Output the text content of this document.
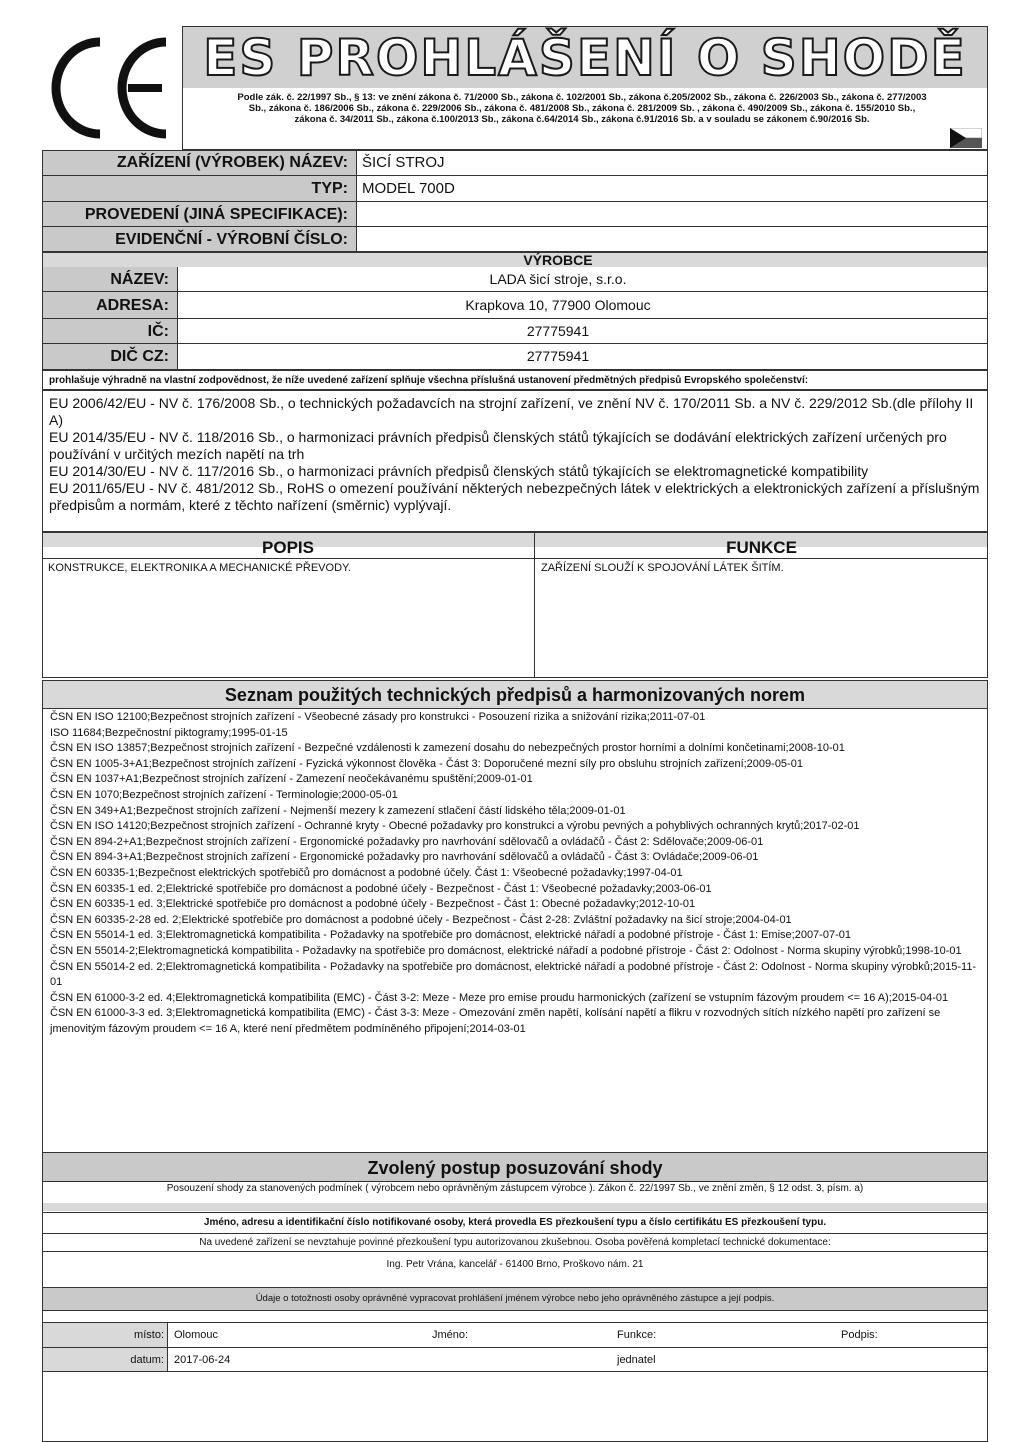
ES PROHLÁŠENÍ O SHODĚ
Podle zák. č. 22/1997 Sb., § 13: ve znění zákona č. 71/2000 Sb., zákona č. 102/2001 Sb., zákona č.205/2002 Sb., zákona č. 226/2003 Sb., zákona č. 277/2003 Sb., zákona č. 186/2006 Sb., zákona č. 229/2006 Sb., zákona č. 481/2008 Sb., zákona č. 281/2009 Sb. , zákona č. 490/2009 Sb., zákona č. 155/2010 Sb., zákona č. 34/2011 Sb., zákona č.100/2013 Sb., zákona č.64/2014 Sb., zákona č.91/2016 Sb. a v souladu se zákonem č.90/2016 Sb.
ZAŘÍZENÍ (VÝROBEK) NÁZEV: ŠICÍ STROJ
TYP: MODEL 700D
PROVEDENÍ (JINÁ SPECIFIKACE):
EVIDENČNÍ - VÝROBNÍ ČÍSLO:
VÝROBCE
NÁZEV:	LADA šicí stroje, s.r.o.
ADRESA:	Krapkova 10, 77900 Olomouc
IČ:	27775941
DIČ CZ:	27775941
prohlašuje výhradně na vlastní zodpovědnost, že níže uvedené zařízení splňuje všechna příslušná ustanovení předmětných předpisů Evropského společenství:

EU 2006/42/EU - NV č. 176/2008 Sb., o technických požadavcích na strojní zařízení, ve znění NV č. 170/2011 Sb. a NV č. 229/2012 Sb.(dle přílohy II A)

EU 2014/35/EU - NV č. 118/2016 Sb., o harmonizaci právních předpisů členských států týkajících se dodávání elektrických zařízení určených pro používání v určitých mezích napětí na trh

EU 2014/30/EU - NV č. 117/2016 Sb., o harmonizaci právních předpisů členských států týkajících se elektromagnetické kompatibility

EU 2011/65/EU - NV č. 481/2012 Sb., RoHS o omezení používání některých nebezpečných látek v elektrických a elektronických zařízení a příslušným předpisům a normám, které z těchto nařízení (směrnic) vyplývají.

POPIS	FUNKCE
KONSTRUKCE, ELEKTRONIKA A MECHANICKÉ PŘEVODY.	ZAŘÍZENÍ SLOUŽÍ K SPOJOVÁNÍ LÁTEK ŠITÍM.
Seznam použitých technických předpisů a harmonizovaných norem

ČSN EN ISO 12100;Bezpečnost strojních zařízení - Všeobecné zásady pro konstrukci - Posouzení rizika a snižování rizika;2011-07-01

ISO 11684;Bezpečnostní piktogramy;1995-01-15

ČSN EN ISO 13857;Bezpečnost strojních zařízení - Bezpečné vzdálenosti k zamezení dosahu do nebezpečných prostor horními a dolními končetinami;2008-10-01

ČSN EN 1005-3+A1;Bezpečnost strojních zařízení - Fyzická výkonnost člověka - Část 3: Doporučené mezní síly pro obsluhu strojních zařízení;2009-05-01

ČSN EN 1037+A1;Bezpečnost strojních zařízení - Zamezení neočekávanému spuštění;2009-01-01

ČSN EN 1070;Bezpečnost strojních zařízení - Terminologie;2000-05-01

ČSN EN 349+A1;Bezpečnost strojních zařízení - Nejmenší mezery k zamezení stlačení částí lidského těla;2009-01-01

ČSN EN ISO 14120;Bezpečnost strojních zařízení - Ochranné kryty - Obecné požadavky pro konstrukci a výrobu pevných a pohyblivých ochranných krytů;2017-02-01

ČSN EN 894-2+A1;Bezpečnost strojních zařízení - Ergonomické požadavky pro navrhování sdělovačů a ovládačů - Část 2: Sdělovače;2009-06-01

ČSN EN 894-3+A1;Bezpečnost strojních zařízení - Ergonomické požadavky pro navrhování sdělovačů a ovládačů - Část 3: Ovládače;2009-06-01

ČSN EN 60335-1;Bezpečnost elektrických spotřebičů pro domácnost a podobné účely. Část 1: Všeobecné požadavky;1997-04-01

ČSN EN 60335-1 ed. 2;Elektrické spotřebiče pro domácnost a podobné účely - Bezpečnost - Část 1: Všeobecné požadavky;2003-06-01

ČSN EN 60335-1 ed. 3;Elektrické spotřebiče pro domácnost a podobné účely - Bezpečnost - Část 1: Obecné požadavky;2012-10-01

ČSN EN 60335-2-28 ed. 2;Elektrické spotřebiče pro domácnost a podobné účely - Bezpečnost - Část 2-28: Zvláštní požadavky na šicí stroje;2004-04-01

ČSN EN 55014-1 ed. 3;Elektromagnetická kompatibilita - Požadavky na spotřebiče pro domácnost, elektrické nářadí a podobné přístroje - Část 1: Emise;2007-07-01

ČSN EN 55014-2;Elektromagnetická kompatibilita - Požadavky na spotřebiče pro domácnost, elektrické nářadí a podobné přístroje - Část 2: Odolnost - Norma skupiny výrobků;1998-10-01

ČSN EN 55014-2 ed. 2;Elektromagnetická kompatibilita - Požadavky na spotřebiče pro domácnost, elektrické nářadí a podobné přístroje - Část 2: Odolnost - Norma skupiny výrobků;2015-11-01

ČSN EN 61000-3-2 ed. 4;Elektromagnetická kompatibilita (EMC) - Část 3-2: Meze - Meze pro emise proudu harmonických (zařízení se vstupním fázovým proudem <= 16 A);2015-04-01

ČSN EN 61000-3-3 ed. 3;Elektromagnetická kompatibilita (EMC) - Část 3-3: Meze - Omezování změn napětí, kolísání napětí a flikru v rozvodných sítích nízkého napětí pro zařízení se jmenovitým fázovým proudem <= 16 A, které není předmětem podmíněného připojení;2014-03-01

Zvolený postup posuzování shody
Posouzení shody za stanovených podmínek ( výrobcem nebo oprávněným zástupcem výrobce ). Zákon č. 22/1997 Sb., ve znění změn, § 12 odst. 3, písm. a)
Jméno, adresu a identifikační číslo notifikované osoby, která provedla ES přezkoušení typu a číslo certifikátu ES přezkoušení typu.
Na uvedené zařízení se nevztahuje povinné přezkoušení typu autorizovanou zkušebnou. Osoba pověřená kompletací technické dokumentace:
Ing. Petr Vrána, kancelář - 61400 Brno, Proškovo nám. 21
Údaje o totožnosti osoby oprávněné vypracovat prohlášení jménem výrobce nebo jeho oprávněného zástupce a její podpis.
místo: Olomouc	Jméno:	Funkce:	Podpis:
datum: 2017-06-24	jednatel
